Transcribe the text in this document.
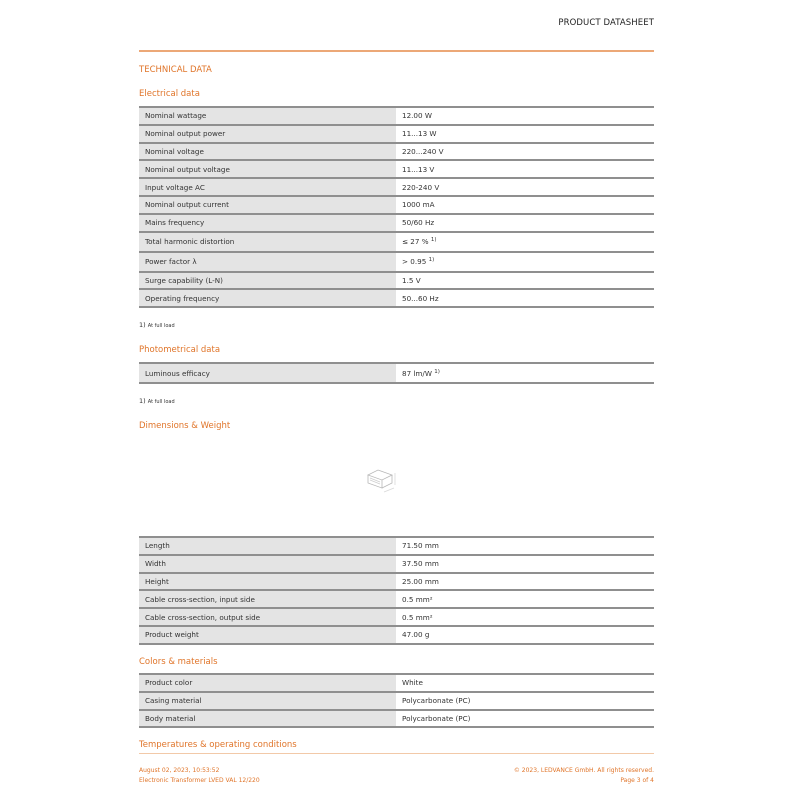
PRODUCT DATASHEET
TECHNICAL DATA
Electrical data
Nominal wattage	12.00 W
Nominal output power	11...13 W
Nominal voltage	220...240 V
Nominal output voltage	11...13 V
Input voltage AC	220-240 V
Nominal output current	1000 mA
Mains frequency	50/60 Hz
Total harmonic distortion	≤ 27 % $^{1)}$
Power factor λ	> 0.95 $^{1)}$
Surge capability (L-N)	1.5 V
Operating frequency	50...60 Hz
1) At full load
Photometrical data
Luminous efficacy	87 lm/W $^{1)}$
1) At full load
Dimensions & Weight
Length	71.50 mm
Width	37.50 mm
Height	25.00 mm
Cable cross-section, input side	0.5 mm²
Cable cross-section, output side	0.5 mm²
Product weight	47.00 g
Colors & materials
Product color	White
Casing material	Polycarbonate (PC)
Body material	Polycarbonate (PC)
Temperatures & operating conditions
August 02, 2023, 10:53:52
Electronic Transformer LVED VAL 12/220
© 2023, LEDVANCE GmbH. All rights reserved.
Page 3 of 4
